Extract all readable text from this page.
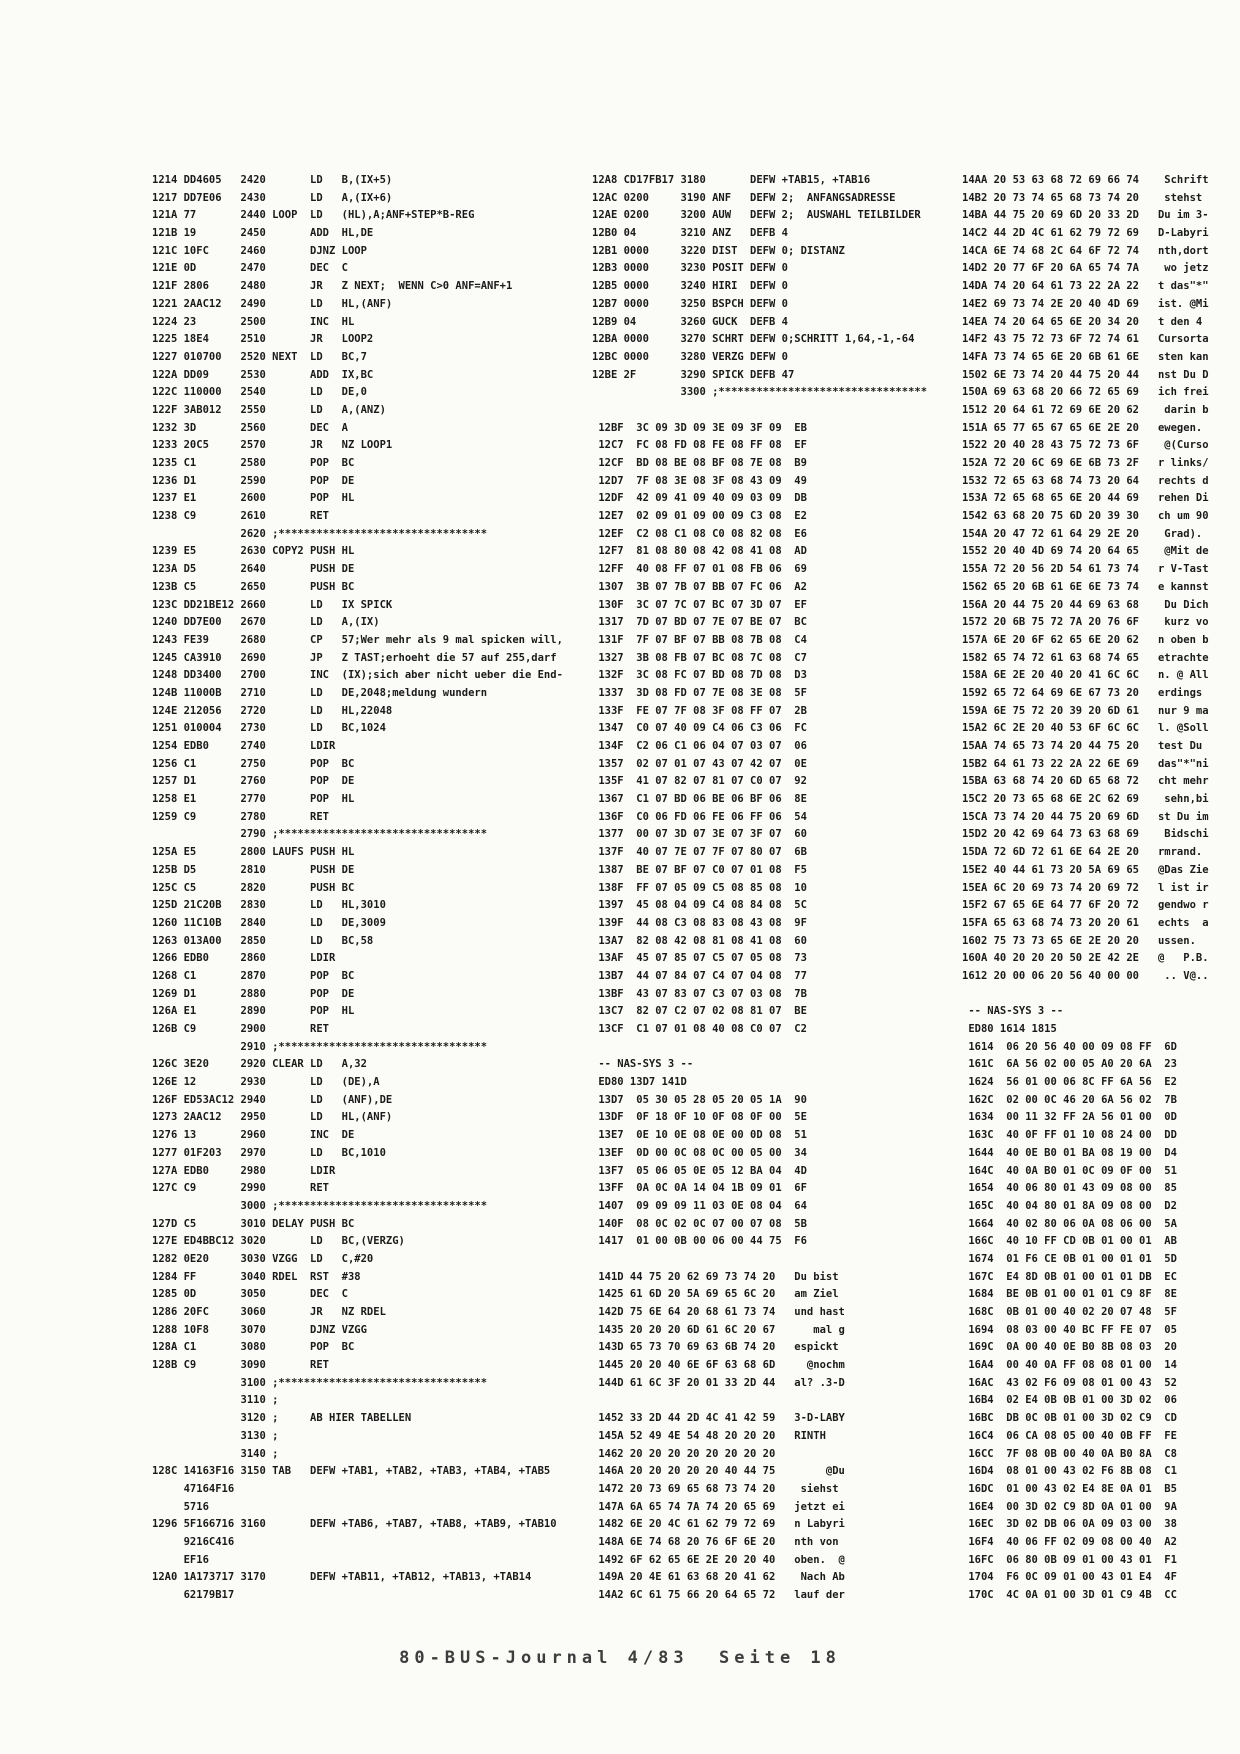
1214 DD4605   2420       LD   B,(IX+5)
1217 DD7E06   2430       LD   A,(IX+6)
121A 77       2440 LOOP  LD   (HL),A;ANF+STEP*B-REG
121B 19       2450       ADD  HL,DE
121C 10FC     2460       DJNZ LOOP
121E 0D       2470       DEC  C
121F 2806     2480       JR   Z NEXT;  WENN C>0 ANF=ANF+1
1221 2AAC12   2490       LD   HL,(ANF)
1224 23       2500       INC  HL
1225 18E4     2510       JR   LOOP2
1227 010700   2520 NEXT  LD   BC,7
122A DD09     2530       ADD  IX,BC
122C 110000   2540       LD   DE,0
122F 3AB012   2550       LD   A,(ANZ)
1232 3D       2560       DEC  A
1233 20C5     2570       JR   NZ LOOP1
1235 C1       2580       POP  BC
1236 D1       2590       POP  DE
1237 E1       2600       POP  HL
1238 C9       2610       RET
2620 ;*********************************
1239 E5       2630 COPY2 PUSH HL
123A D5       2640       PUSH DE
123B C5       2650       PUSH BC
123C DD21BE12 2660       LD   IX SPICK
1240 DD7E00   2670       LD   A,(IX)
1243 FE39     2680       CP   57;Wer mehr als 9 mal spicken will,
1245 CA3910   2690       JP   Z TAST;erhoeht die 57 auf 255,darf
1248 DD3400   2700       INC  (IX);sich aber nicht ueber die End-
124B 11000B   2710       LD   DE,2048;meldung wundern
124E 212056   2720       LD   HL,22048
1251 010004   2730       LD   BC,1024
1254 EDB0     2740       LDIR
1256 C1       2750       POP  BC
1257 D1       2760       POP  DE
1258 E1       2770       POP  HL
1259 C9       2780       RET
2790 ;*********************************
125A E5       2800 LAUFS PUSH HL
125B D5       2810       PUSH DE
125C C5       2820       PUSH BC
125D 21C20B   2830       LD   HL,3010
1260 11C10B   2840       LD   DE,3009
1263 013A00   2850       LD   BC,58
1266 EDB0     2860       LDIR
1268 C1       2870       POP  BC
1269 D1       2880       POP  DE
126A E1       2890       POP  HL
126B C9       2900       RET
2910 ;*********************************
126C 3E20     2920 CLEAR LD   A,32
126E 12       2930       LD   (DE),A
126F ED53AC12 2940       LD   (ANF),DE
1273 2AAC12   2950       LD   HL,(ANF)
1276 13       2960       INC  DE
1277 01F203   2970       LD   BC,1010
127A EDB0     2980       LDIR
127C C9       2990       RET
3000 ;*********************************
127D C5       3010 DELAY PUSH BC
127E ED4BBC12 3020       LD   BC,(VERZG)
1282 0E20     3030 VZGG  LD   C,#20
1284 FF       3040 RDEL  RST  #38
1285 0D       3050       DEC  C
1286 20FC     3060       JR   NZ RDEL
1288 10F8     3070       DJNZ VZGG
128A C1       3080       POP  BC
128B C9       3090       RET
3100 ;*********************************
3110 ;
3120 ;     AB HIER TABELLEN
3130 ;
3140 ;
128C 14163F16 3150 TAB   DEFW +TAB1, +TAB2, +TAB3, +TAB4, +TAB5
47164F16
5716
1296 5F166716 3160       DEFW +TAB6, +TAB7, +TAB8, +TAB9, +TAB10
9216C416
EF16
12A0 1A173717 3170       DEFW +TAB11, +TAB12, +TAB13, +TAB14
62179B17
12A8 CD17FB17 3180       DEFW +TAB15, +TAB16
12AC 0200     3190 ANF   DEFW 2;  ANFANGSADRESSE
12AE 0200     3200 AUW   DEFW 2;  AUSWAHL TEILBILDER
12B0 04       3210 ANZ   DEFB 4
12B1 0000     3220 DIST  DEFW 0; DISTANZ
12B3 0000     3230 POSIT DEFW 0
12B5 0000     3240 HIRI  DEFW 0
12B7 0000     3250 BSPCH DEFW 0
12B9 04       3260 GUCK  DEFB 4
12BA 0000     3270 SCHRT DEFW 0;SCHRITT 1,64,-1,-64
12BC 0000     3280 VERZG DEFW 0
12BE 2F       3290 SPICK DEFB 47
3300 ;*********************************

12BF  3C 09 3D 09 3E 09 3F 09  EB
12C7  FC 08 FD 08 FE 08 FF 08  EF
12CF  BD 08 BE 08 BF 08 7E 08  B9
12D7  7F 08 3E 08 3F 08 43 09  49
12DF  42 09 41 09 40 09 03 09  DB
12E7  02 09 01 09 00 09 C3 08  E2
12EF  C2 08 C1 08 C0 08 82 08  E6
12F7  81 08 80 08 42 08 41 08  AD
12FF  40 08 FF 07 01 08 FB 06  69
1307  3B 07 7B 07 BB 07 FC 06  A2
130F  3C 07 7C 07 BC 07 3D 07  EF
1317  7D 07 BD 07 7E 07 BE 07  BC
131F  7F 07 BF 07 BB 08 7B 08  C4
1327  3B 08 FB 07 BC 08 7C 08  C7
132F  3C 08 FC 07 BD 08 7D 08  D3
1337  3D 08 FD 07 7E 08 3E 08  5F
133F  FE 07 7F 08 3F 08 FF 07  2B
1347  C0 07 40 09 C4 06 C3 06  FC
134F  C2 06 C1 06 04 07 03 07  06
1357  02 07 01 07 43 07 42 07  0E
135F  41 07 82 07 81 07 C0 07  92
1367  C1 07 BD 06 BE 06 BF 06  8E
136F  C0 06 FD 06 FE 06 FF 06  54
1377  00 07 3D 07 3E 07 3F 07  60
137F  40 07 7E 07 7F 07 80 07  6B
1387  BE 07 BF 07 C0 07 01 08  F5
138F  FF 07 05 09 C5 08 85 08  10
1397  45 08 04 09 C4 08 84 08  5C
139F  44 08 C3 08 83 08 43 08  9F
13A7  82 08 42 08 81 08 41 08  60
13AF  45 07 85 07 C5 07 05 08  73
13B7  44 07 84 07 C4 07 04 08  77
13BF  43 07 83 07 C3 07 03 08  7B
13C7  82 07 C2 07 02 08 81 07  BE
13CF  C1 07 01 08 40 08 C0 07  C2

-- NAS-SYS 3 --
ED80 13D7 141D
13D7  05 30 05 28 05 20 05 1A  90
13DF  0F 18 0F 10 0F 08 0F 00  5E
13E7  0E 10 0E 08 0E 00 0D 08  51
13EF  0D 00 0C 08 0C 00 05 00  34
13F7  05 06 05 0E 05 12 BA 04  4D
13FF  0A 0C 0A 14 04 1B 09 01  6F
1407  09 09 09 11 03 0E 08 04  64
140F  08 0C 02 0C 07 00 07 08  5B
1417  01 00 0B 00 06 00 44 75  F6

141D 44 75 20 62 69 73 74 20   Du bist
1425 61 6D 20 5A 69 65 6C 20   am Ziel
142D 75 6E 64 20 68 61 73 74   und hast
1435 20 20 20 6D 61 6C 20 67      mal g
143D 65 73 70 69 63 6B 74 20   espickt
1445 20 20 40 6E 6F 63 68 6D     @nochm
144D 61 6C 3F 20 01 33 2D 44   al? .3-D

1452 33 2D 44 2D 4C 41 42 59   3-D-LABY
145A 52 49 4E 54 48 20 20 20   RINTH
1462 20 20 20 20 20 20 20 20
146A 20 20 20 20 20 40 44 75        @Du
1472 20 73 69 65 68 73 74 20    siehst
147A 6A 65 74 7A 74 20 65 69   jetzt ei
1482 6E 20 4C 61 62 79 72 69   n Labyri
148A 6E 74 68 20 76 6F 6E 20   nth von
1492 6F 62 65 6E 2E 20 20 40   oben.  @
149A 20 4E 61 63 68 20 41 62    Nach Ab
14A2 6C 61 75 66 20 64 65 72   lauf der
14AA 20 53 63 68 72 69 66 74    Schrift
14B2 20 73 74 65 68 73 74 20    stehst
14BA 44 75 20 69 6D 20 33 2D   Du im 3-
14C2 44 2D 4C 61 62 79 72 69   D-Labyri
14CA 6E 74 68 2C 64 6F 72 74   nth,dort
14D2 20 77 6F 20 6A 65 74 7A    wo jetz
14DA 74 20 64 61 73 22 2A 22   t das"*"
14E2 69 73 74 2E 20 40 4D 69   ist. @Mi
14EA 74 20 64 65 6E 20 34 20   t den 4
14F2 43 75 72 73 6F 72 74 61   Cursorta
14FA 73 74 65 6E 20 6B 61 6E   sten kan
1502 6E 73 74 20 44 75 20 44   nst Du D
150A 69 63 68 20 66 72 65 69   ich frei
1512 20 64 61 72 69 6E 20 62    darin b
151A 65 77 65 67 65 6E 2E 20   ewegen.
1522 20 40 28 43 75 72 73 6F    @(Curso
152A 72 20 6C 69 6E 6B 73 2F   r links/
1532 72 65 63 68 74 73 20 64   rechts d
153A 72 65 68 65 6E 20 44 69   rehen Di
1542 63 68 20 75 6D 20 39 30   ch um 90
154A 20 47 72 61 64 29 2E 20    Grad).
1552 20 40 4D 69 74 20 64 65    @Mit de
155A 72 20 56 2D 54 61 73 74   r V-Tast
1562 65 20 6B 61 6E 6E 73 74   e kannst
156A 20 44 75 20 44 69 63 68    Du Dich
1572 20 6B 75 72 7A 20 76 6F    kurz vo
157A 6E 20 6F 62 65 6E 20 62   n oben b
1582 65 74 72 61 63 68 74 65   etrachte
158A 6E 2E 20 40 20 41 6C 6C   n. @ All
1592 65 72 64 69 6E 67 73 20   erdings
159A 6E 75 72 20 39 20 6D 61   nur 9 ma
15A2 6C 2E 20 40 53 6F 6C 6C   l. @Soll
15AA 74 65 73 74 20 44 75 20   test Du
15B2 64 61 73 22 2A 22 6E 69   das"*"ni
15BA 63 68 74 20 6D 65 68 72   cht mehr
15C2 20 73 65 68 6E 2C 62 69    sehn,bi
15CA 73 74 20 44 75 20 69 6D   st Du im
15D2 20 42 69 64 73 63 68 69    Bidschi
15DA 72 6D 72 61 6E 64 2E 20   rmrand.
15E2 40 44 61 73 20 5A 69 65   @Das Zie
15EA 6C 20 69 73 74 20 69 72   l ist ir
15F2 67 65 6E 64 77 6F 20 72   gendwo r
15FA 65 63 68 74 73 20 20 61   echts  a
1602 75 73 73 65 6E 2E 20 20   ussen.
160A 40 20 20 20 50 2E 42 2E   @   P.B.
1612 20 00 06 20 56 40 00 00    .. V@..

-- NAS-SYS 3 --
ED80 1614 1815
1614  06 20 56 40 00 09 08 FF  6D
161C  6A 56 02 00 05 A0 20 6A  23
1624  56 01 00 06 8C FF 6A 56  E2
162C  02 00 0C 46 20 6A 56 02  7B
1634  00 11 32 FF 2A 56 01 00  0D
163C  40 0F FF 01 10 08 24 00  DD
1644  40 0E B0 01 BA 08 19 00  D4
164C  40 0A B0 01 0C 09 0F 00  51
1654  40 06 80 01 43 09 08 00  85
165C  40 04 80 01 8A 09 08 00  D2
1664  40 02 80 06 0A 08 06 00  5A
166C  40 10 FF CD 0B 01 00 01  AB
1674  01 F6 CE 0B 01 00 01 01  5D
167C  E4 8D 0B 01 00 01 01 DB  EC
1684  BE 0B 01 00 01 01 C9 8F  8E
168C  0B 01 00 40 02 20 07 48  5F
1694  08 03 00 40 BC FF FE 07  05
169C  0A 00 40 0E B0 8B 08 03  20
16A4  00 40 0A FF 08 08 01 00  14
16AC  43 02 F6 09 08 01 00 43  52
16B4  02 E4 0B 0B 01 00 3D 02  06
16BC  DB 0C 0B 01 00 3D 02 C9  CD
16C4  06 CA 08 05 00 40 0B FF  FE
16CC  7F 08 0B 00 40 0A B0 8A  C8
16D4  08 01 00 43 02 F6 8B 08  C1
16DC  01 00 43 02 E4 8E 0A 01  B5
16E4  00 3D 02 C9 8D 0A 01 00  9A
16EC  3D 02 DB 06 0A 09 03 00  38
16F4  40 06 FF 02 09 08 00 40  A2
16FC  06 80 0B 09 01 00 43 01  F1
1704  F6 0C 09 01 00 43 01 E4  4F
170C  4C 0A 01 00 3D 01 C9 4B  CC
80-BUS-Journal 4/83  Seite 18
